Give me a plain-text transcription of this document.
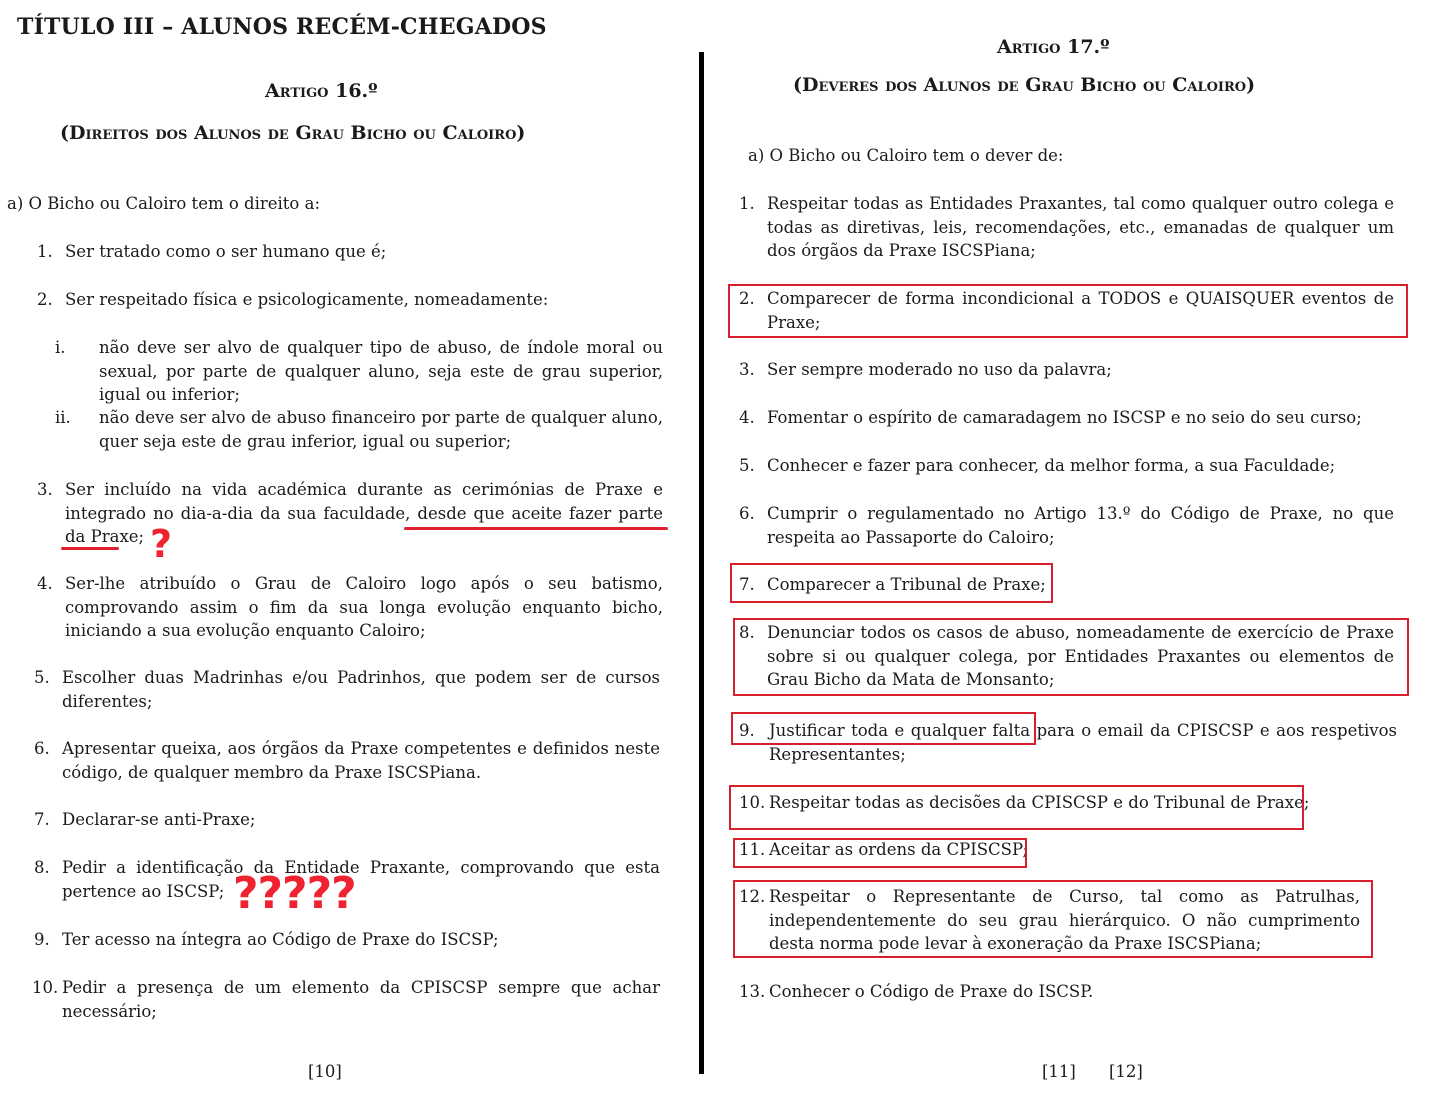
TÍTULO III – ALUNOS RECÉM-CHEGADOS
Artigo 16.º
(Direitos dos Alunos de Grau Bicho ou Caloiro)
a) O Bicho ou Caloiro tem o direito a:
1. Ser tratado como o ser humano que é;
2. Ser respeitado física e psicologicamente, nomeadamente:
i. não deve ser alvo de qualquer tipo de abuso, de índole moral ou sexual, por parte de qualquer aluno, seja este de grau superior, igual ou inferior;
ii. não deve ser alvo de abuso financeiro por parte de qualquer aluno, quer seja este de grau inferior, igual ou superior;
3. Ser incluído na vida académica durante as cerimónias de Praxe e integrado no dia-a-dia da sua faculdade, desde que aceite fazer parte da Praxe;
4. Ser-lhe atribuído o Grau de Caloiro logo após o seu batismo, comprovando assim o fim da sua longa evolução enquanto bicho, iniciando a sua evolução enquanto Caloiro;
5. Escolher duas Madrinhas e/ou Padrinhos, que podem ser de cursos diferentes;
6. Apresentar queixa, aos órgãos da Praxe competentes e definidos neste código, de qualquer membro da Praxe ISCSPiana.
7. Declarar-se anti-Praxe;
8. Pedir a identificação da Entidade Praxante, comprovando que esta pertence ao ISCSP;
9. Ter acesso na íntegra ao Código de Praxe do ISCSP;
10. Pedir a presença de um elemento da CPISCSP sempre que achar necessário;
[10]
?
?????
Artigo 17.º
(Deveres dos Alunos de Grau Bicho ou Caloiro)
a) O Bicho ou Caloiro tem o dever de:
1. Respeitar todas as Entidades Praxantes, tal como qualquer outro colega e todas as diretivas, leis, recomendações, etc., emanadas de qualquer um dos órgãos da Praxe ISCSPiana;
2. Comparecer de forma incondicional a TODOS e QUAISQUER eventos de Praxe;
3. Ser sempre moderado no uso da palavra;
4. Fomentar o espírito de camaradagem no ISCSP e no seio do seu curso;
5. Conhecer e fazer para conhecer, da melhor forma, a sua Faculdade;
6. Cumprir o regulamentado no Artigo 13.º do Código de Praxe, no que respeita ao Passaporte do Caloiro;
7. Comparecer a Tribunal de Praxe;
8. Denunciar todos os casos de abuso, nomeadamente de exercício de Praxe sobre si ou qualquer colega, por Entidades Praxantes ou elementos de Grau Bicho da Mata de Monsanto;
9. Justificar toda e qualquer falta para o email da CPISCSP e aos respetivos Representantes;
10. Respeitar todas as decisões da CPISCSP e do Tribunal de Praxe;
11. Aceitar as ordens da CPISCSP;
12. Respeitar o Representante de Curso, tal como as Patrulhas, independentemente do seu grau hierárquico. O não cumprimento desta norma pode levar à exoneração da Praxe ISCSPiana;
13. Conhecer o Código de Praxe do ISCSP.
[11] [12]
